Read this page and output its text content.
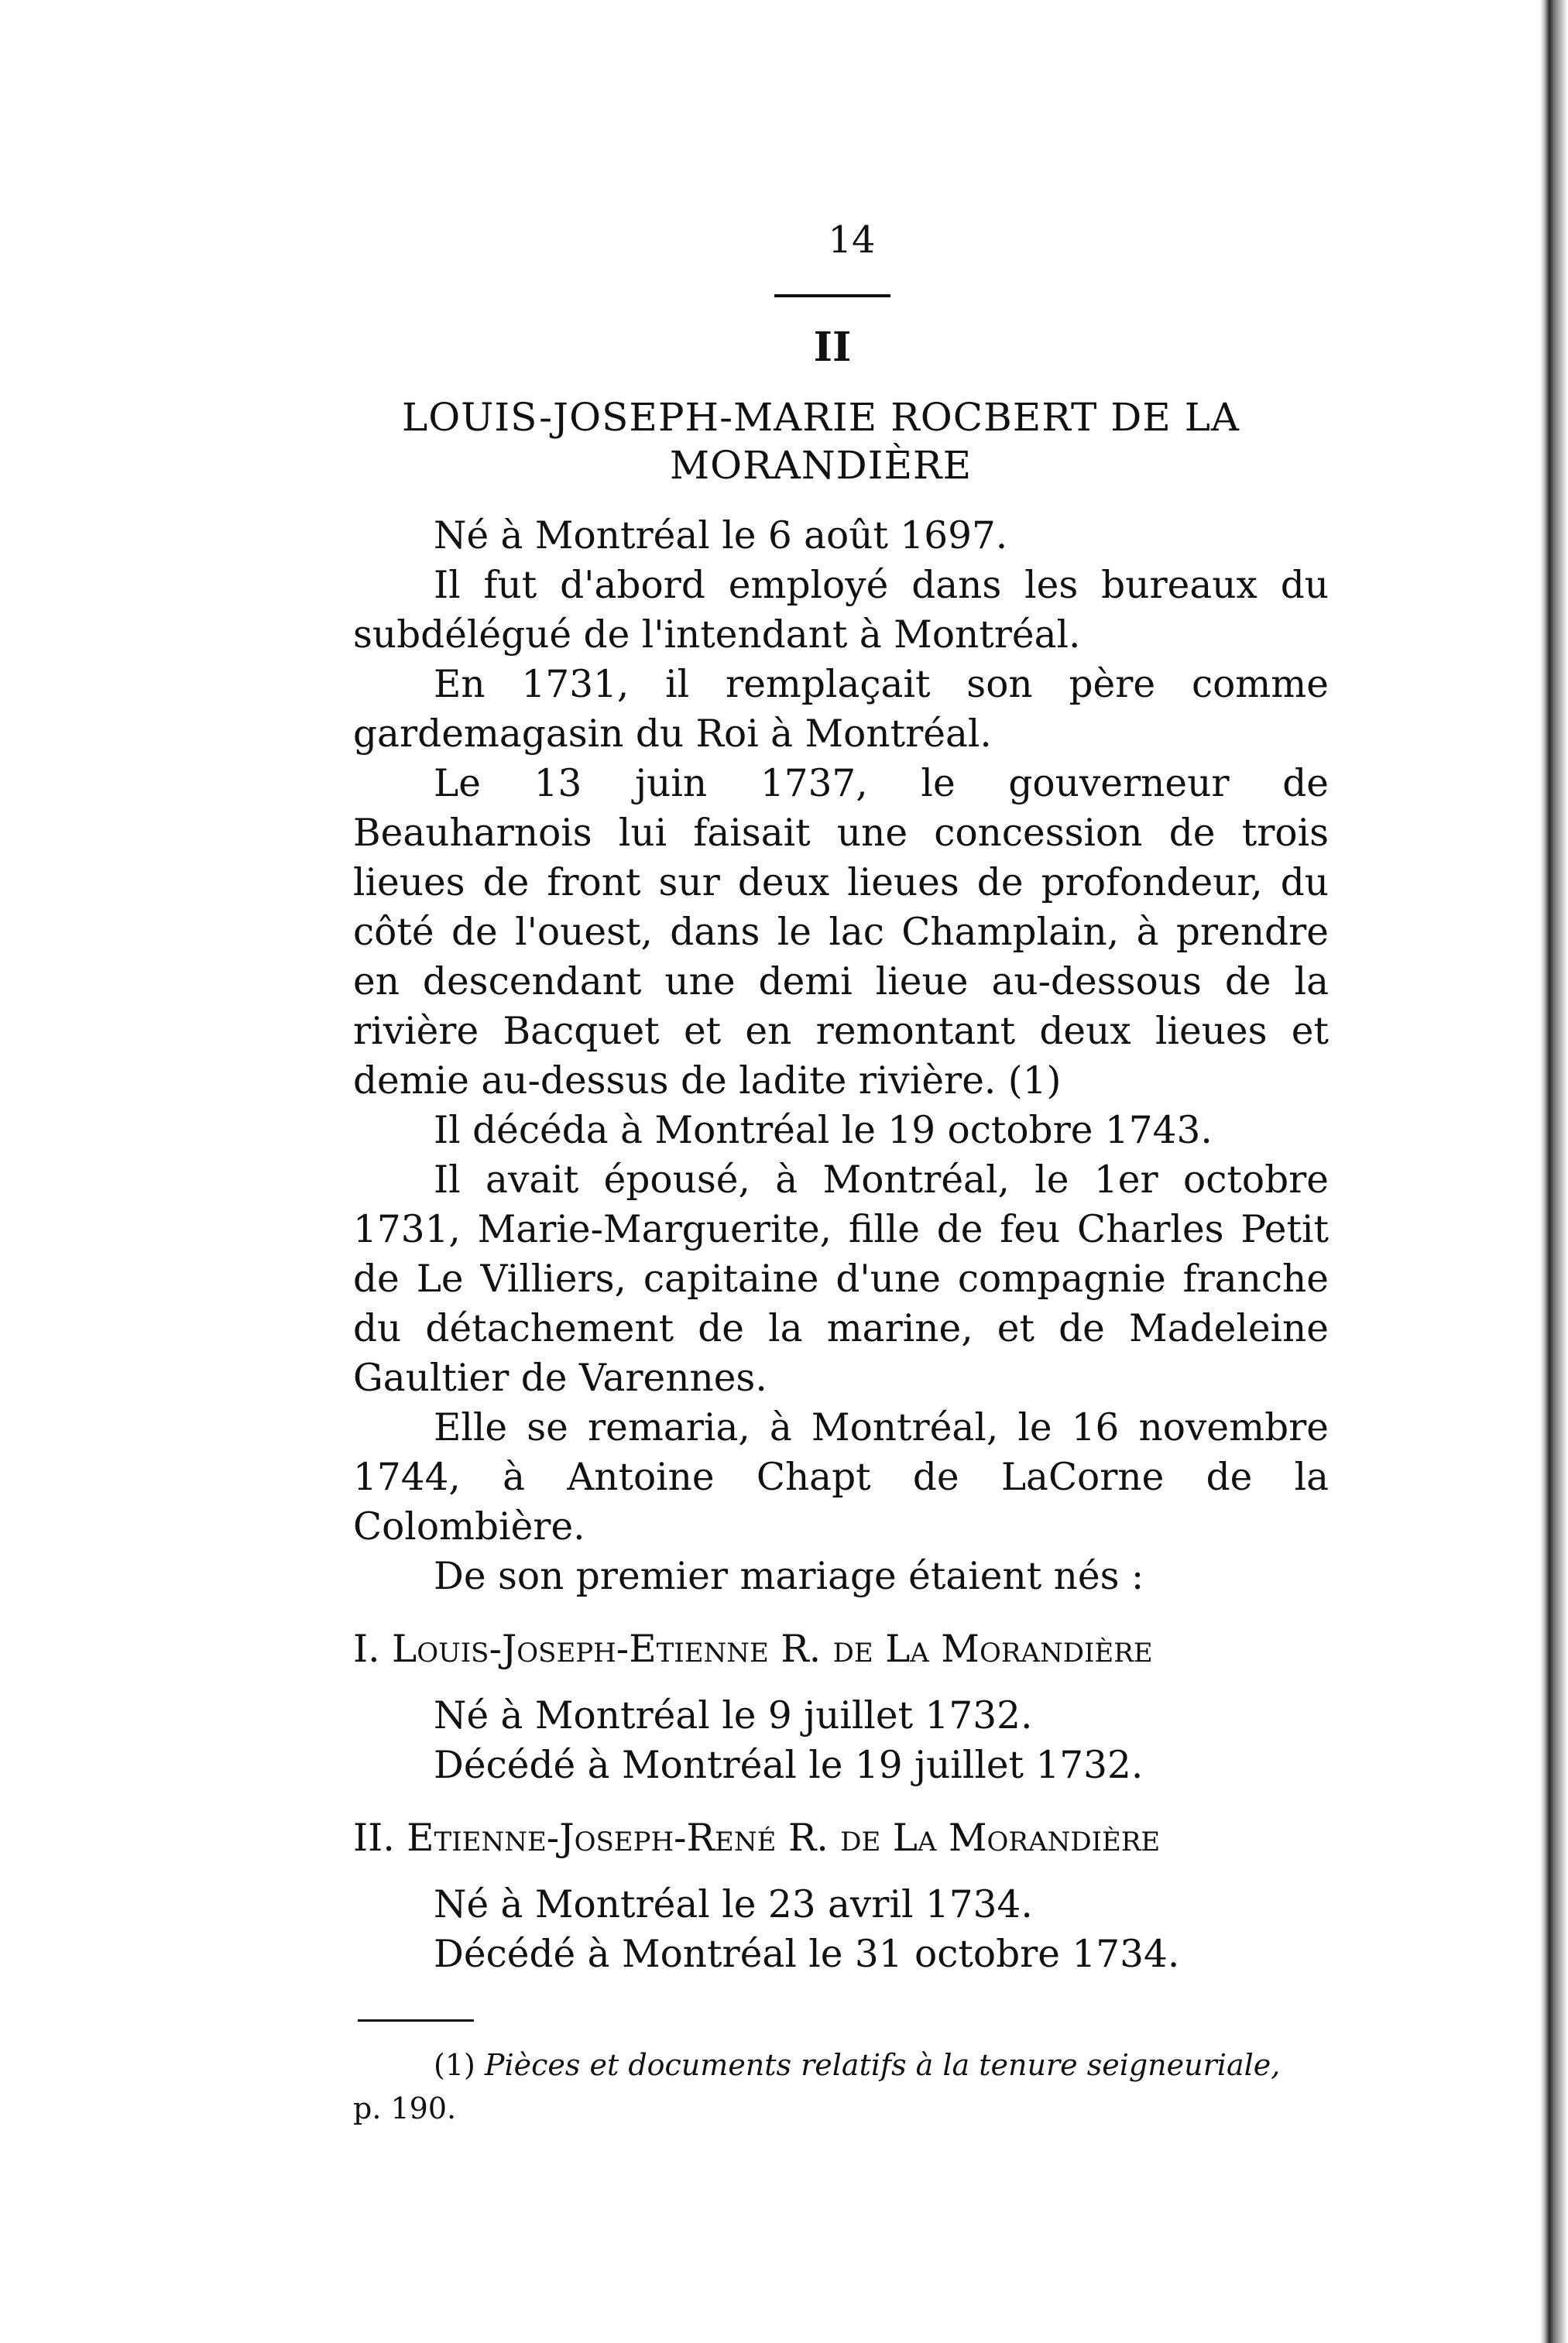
14
II
LOUIS-JOSEPH-MARIE ROCBERT DE LA
MORANDIÈRE

Né à Montréal le 6 août 1697.

Il fut d'abord employé dans les bureaux du subdélégué de l'intendant à Montréal.

En 1731, il remplaçait son père comme gardemagasin du Roi à Montréal.

Le 13 juin 1737, le gouverneur de Beauharnois lui faisait une concession de trois lieues de front sur deux lieues de profondeur, du côté de l'ouest, dans le lac Champlain, à prendre en descendant une demi lieue au-dessous de la rivière Bacquet et en remontant deux lieues et demie au-dessus de ladite rivière. (1)

Il décéda à Montréal le 19 octobre 1743.

Il avait épousé, à Montréal, le 1er octobre 1731, Marie-Marguerite, fille de feu Charles Petit de Le Villiers, capitaine d'une compagnie franche du détachement de la marine, et de Madeleine Gaultier de Varennes.

Elle se remaria, à Montréal, le 16 novembre 1744, à Antoine Chapt de LaCorne de la Colombière.

De son premier mariage étaient nés :

I. Louis-Joseph-Etienne R. de La Morandière
Né à Montréal le 9 juillet 1732.
Décédé à Montréal le 19 juillet 1732.
II. Etienne-Joseph-René R. de La Morandière
Né à Montréal le 23 avril 1734.
Décédé à Montréal le 31 octobre 1734.
(1) Pièces et documents relatifs à la tenure seigneuriale,
p. 190.
